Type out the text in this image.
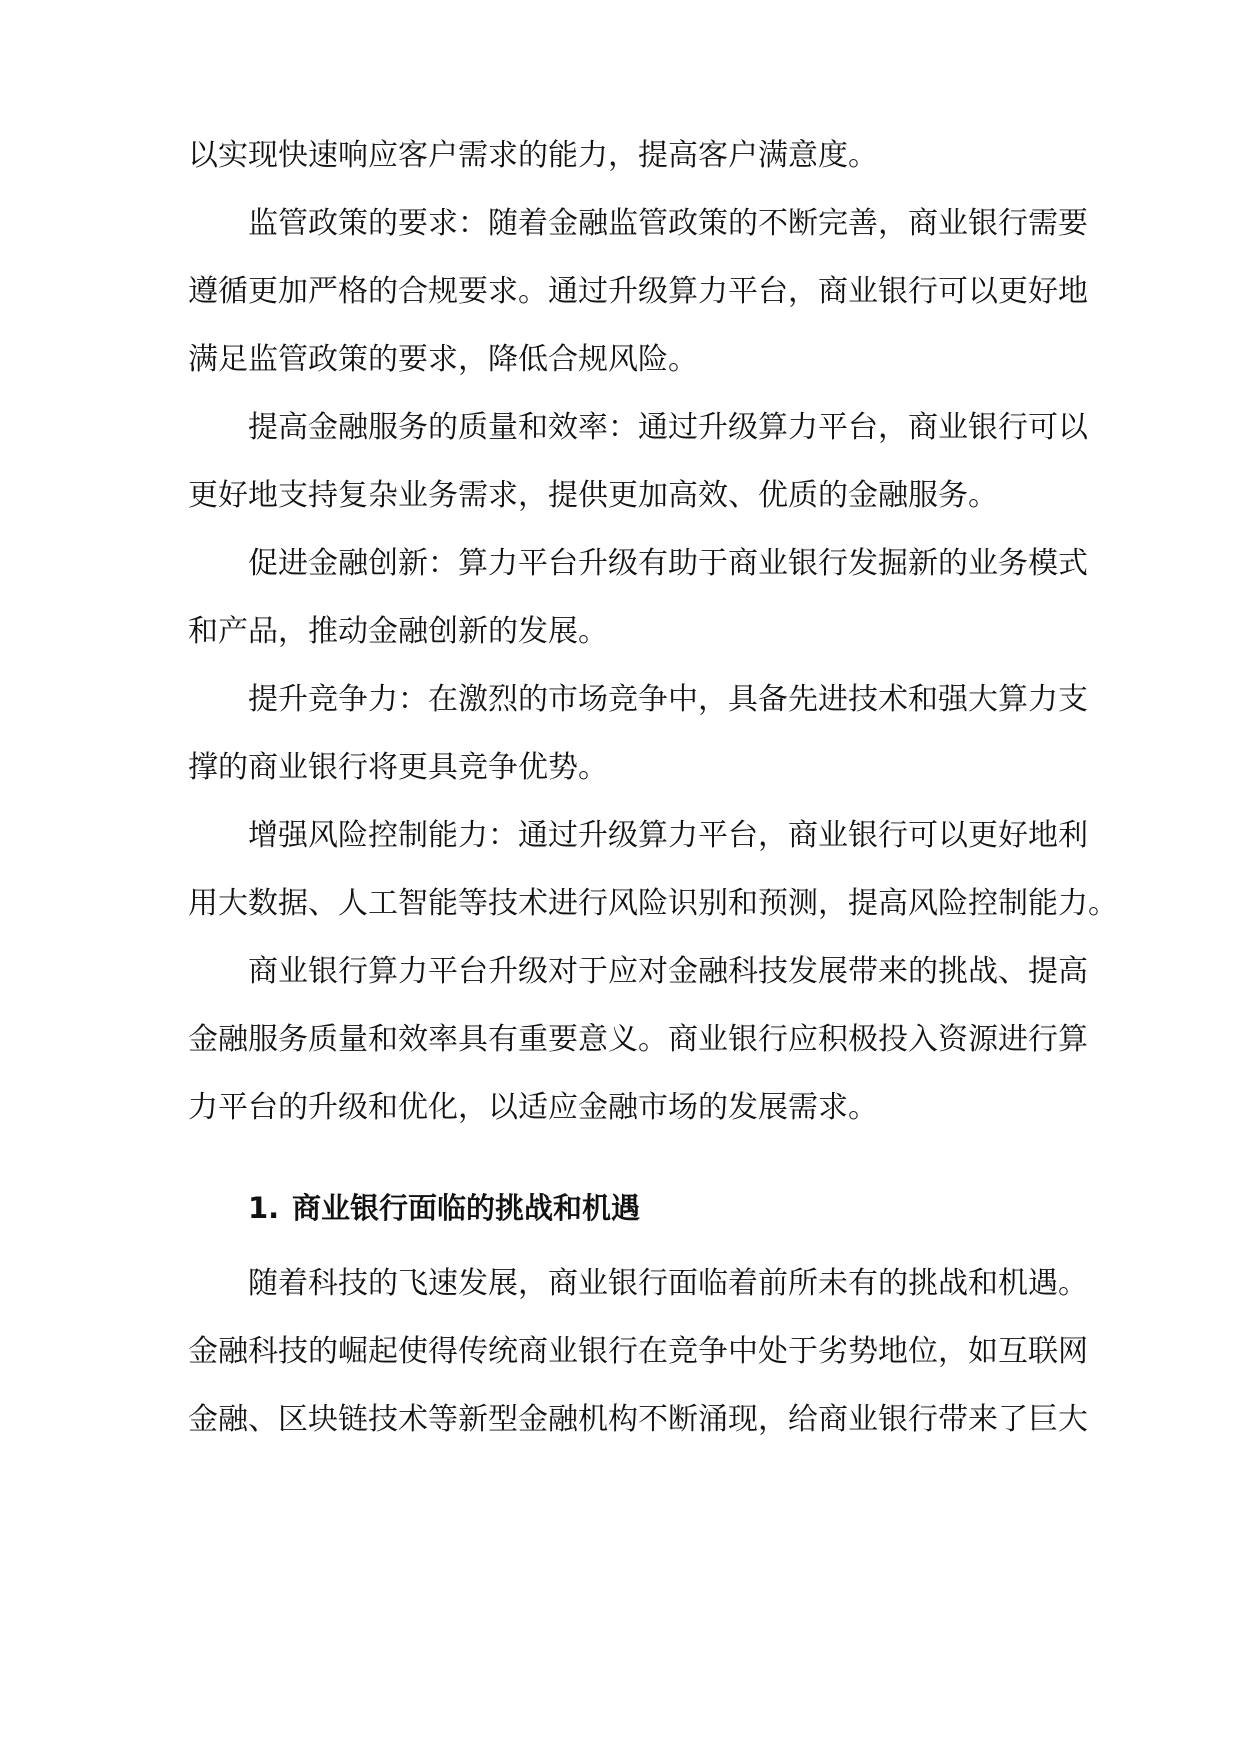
以实现快速响应客户需求的能力，提高客户满意度。
监管政策的要求：随着金融监管政策的不断完善，商业银行需要
遵循更加严格的合规要求。通过升级算力平台，商业银行可以更好地
满足监管政策的要求，降低合规风险。
提高金融服务的质量和效率：通过升级算力平台，商业银行可以
更好地支持复杂业务需求，提供更加高效、优质的金融服务。
促进金融创新：算力平台升级有助于商业银行发掘新的业务模式
和产品，推动金融创新的发展。
提升竞争力：在激烈的市场竞争中，具备先进技术和强大算力支
撑的商业银行将更具竞争优势。
增强风险控制能力：通过升级算力平台，商业银行可以更好地利
用大数据、人工智能等技术进行风险识别和预测，提高风险控制能力。
商业银行算力平台升级对于应对金融科技发展带来的挑战、提高
金融服务质量和效率具有重要意义。商业银行应积极投入资源进行算
力平台的升级和优化，以适应金融市场的发展需求。
1. 商业银行面临的挑战和机遇
随着科技的飞速发展，商业银行面临着前所未有的挑战和机遇。
金融科技的崛起使得传统商业银行在竞争中处于劣势地位，如互联网
金融、区块链技术等新型金融机构不断涌现，给商业银行带来了巨大
